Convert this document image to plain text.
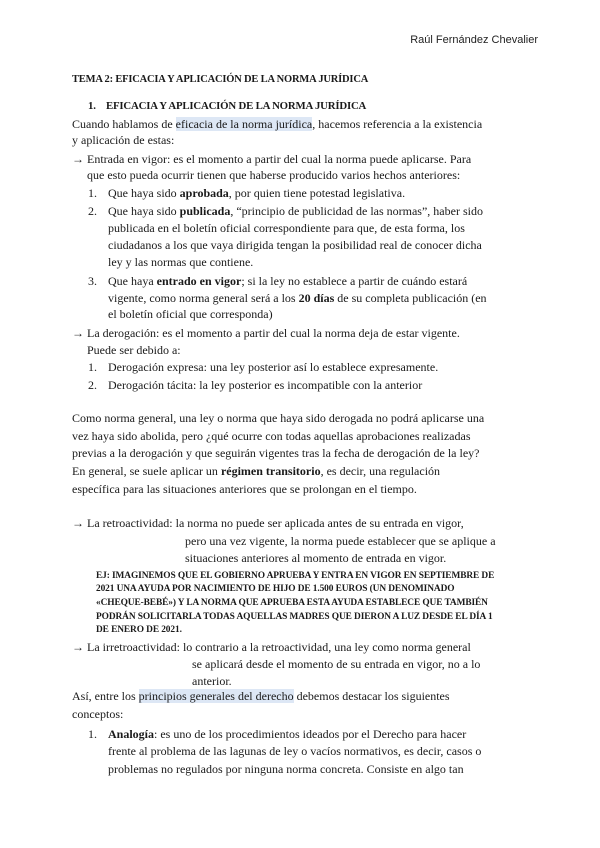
Raúl Fernández Chevalier
TEMA 2: EFICACIA Y APLICACIÓN DE LA NORMA JURÍDICA
1. EFICACIA Y APLICACIÓN DE LA NORMA JURÍDICA
Cuando hablamos de eficacia de la norma jurídica, hacemos referencia a la existencia
y aplicación de estas:
→ Entrada en vigor: es el momento a partir del cual la norma puede aplicarse. Para
que esto pueda ocurrir tienen que haberse producido varios hechos anteriores:
1. Que haya sido aprobada, por quien tiene potestad legislativa.
2. Que haya sido publicada, “principio de publicidad de las normas”, haber sido
publicada en el boletín oficial correspondiente para que, de esta forma, los
ciudadanos a los que vaya dirigida tengan la posibilidad real de conocer dicha
ley y las normas que contiene.
3. Que haya entrado en vigor; si la ley no establece a partir de cuándo estará
vigente, como norma general será a los 20 días de su completa publicación (en
el boletín oficial que corresponda)
→ La derogación: es el momento a partir del cual la norma deja de estar vigente.
Puede ser debido a:
1. Derogación expresa: una ley posterior así lo establece expresamente.
2. Derogación tácita: la ley posterior es incompatible con la anterior
Como norma general, una ley o norma que haya sido derogada no podrá aplicarse una
vez haya sido abolida, pero ¿qué ocurre con todas aquellas aprobaciones realizadas
previas a la derogación y que seguirán vigentes tras la fecha de derogación de la ley?
En general, se suele aplicar un régimen transitorio, es decir, una regulación
específica para las situaciones anteriores que se prolongan en el tiempo.
→ La retroactividad: la norma no puede ser aplicada antes de su entrada en vigor,
pero una vez vigente, la norma puede establecer que se aplique a
situaciones anteriores al momento de entrada en vigor.
EJ: IMAGINEMOS QUE EL GOBIERNO APRUEBA Y ENTRA EN VIGOR EN SEPTIEMBRE DE
2021 UNA AYUDA POR NACIMIENTO DE HIJO DE 1.500 EUROS (UN DENOMINADO
«CHEQUE-BEBÉ») Y LA NORMA QUE APRUEBA ESTA AYUDA ESTABLECE QUE TAMBIÉN
PODRÁN SOLICITARLA TODAS AQUELLAS MADRES QUE DIERON A LUZ DESDE EL DÍA 1
DE ENERO DE 2021.
→ La irretroactividad: lo contrario a la retroactividad, una ley como norma general
se aplicará desde el momento de su entrada en vigor, no a lo
anterior.
Así, entre los principios generales del derecho debemos destacar los siguientes
conceptos:
1. Analogía: es uno de los procedimientos ideados por el Derecho para hacer
frente al problema de las lagunas de ley o vacíos normativos, es decir, casos o
problemas no regulados por ninguna norma concreta. Consiste en algo tan
